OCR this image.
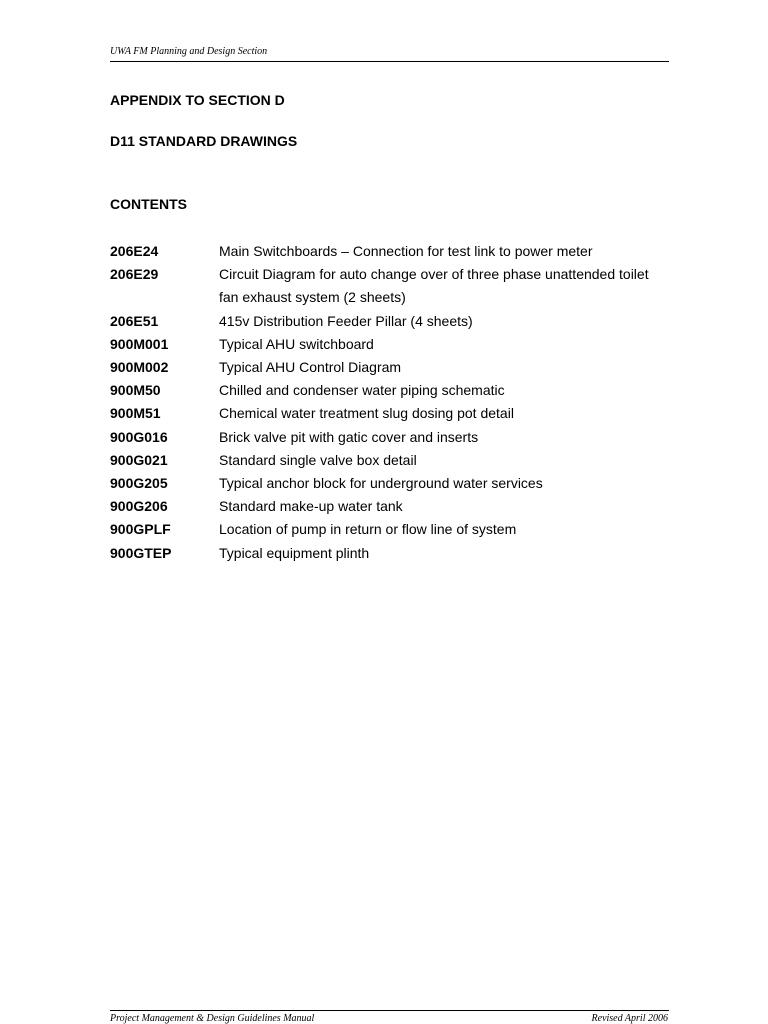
UWA FM Planning and Design Section
APPENDIX TO SECTION D
D11 STANDARD DRAWINGS
CONTENTS
206E24	Main Switchboards – Connection for test link to power meter
206E29	Circuit Diagram for auto change over of three phase unattended toilet fan exhaust system (2 sheets)
206E51	415v Distribution Feeder Pillar (4 sheets)
900M001	Typical AHU switchboard
900M002	Typical AHU Control Diagram
900M50	Chilled and condenser water piping schematic
900M51	Chemical water treatment slug dosing pot detail
900G016	Brick valve pit with gatic cover and inserts
900G021	Standard single valve box detail
900G205	Typical anchor block for underground water services
900G206	Standard make-up water tank
900GPLF	Location of pump in return or flow line of system
900GTEP	Typical equipment plinth
Project Management & Design Guidelines Manual	Revised April 2006
